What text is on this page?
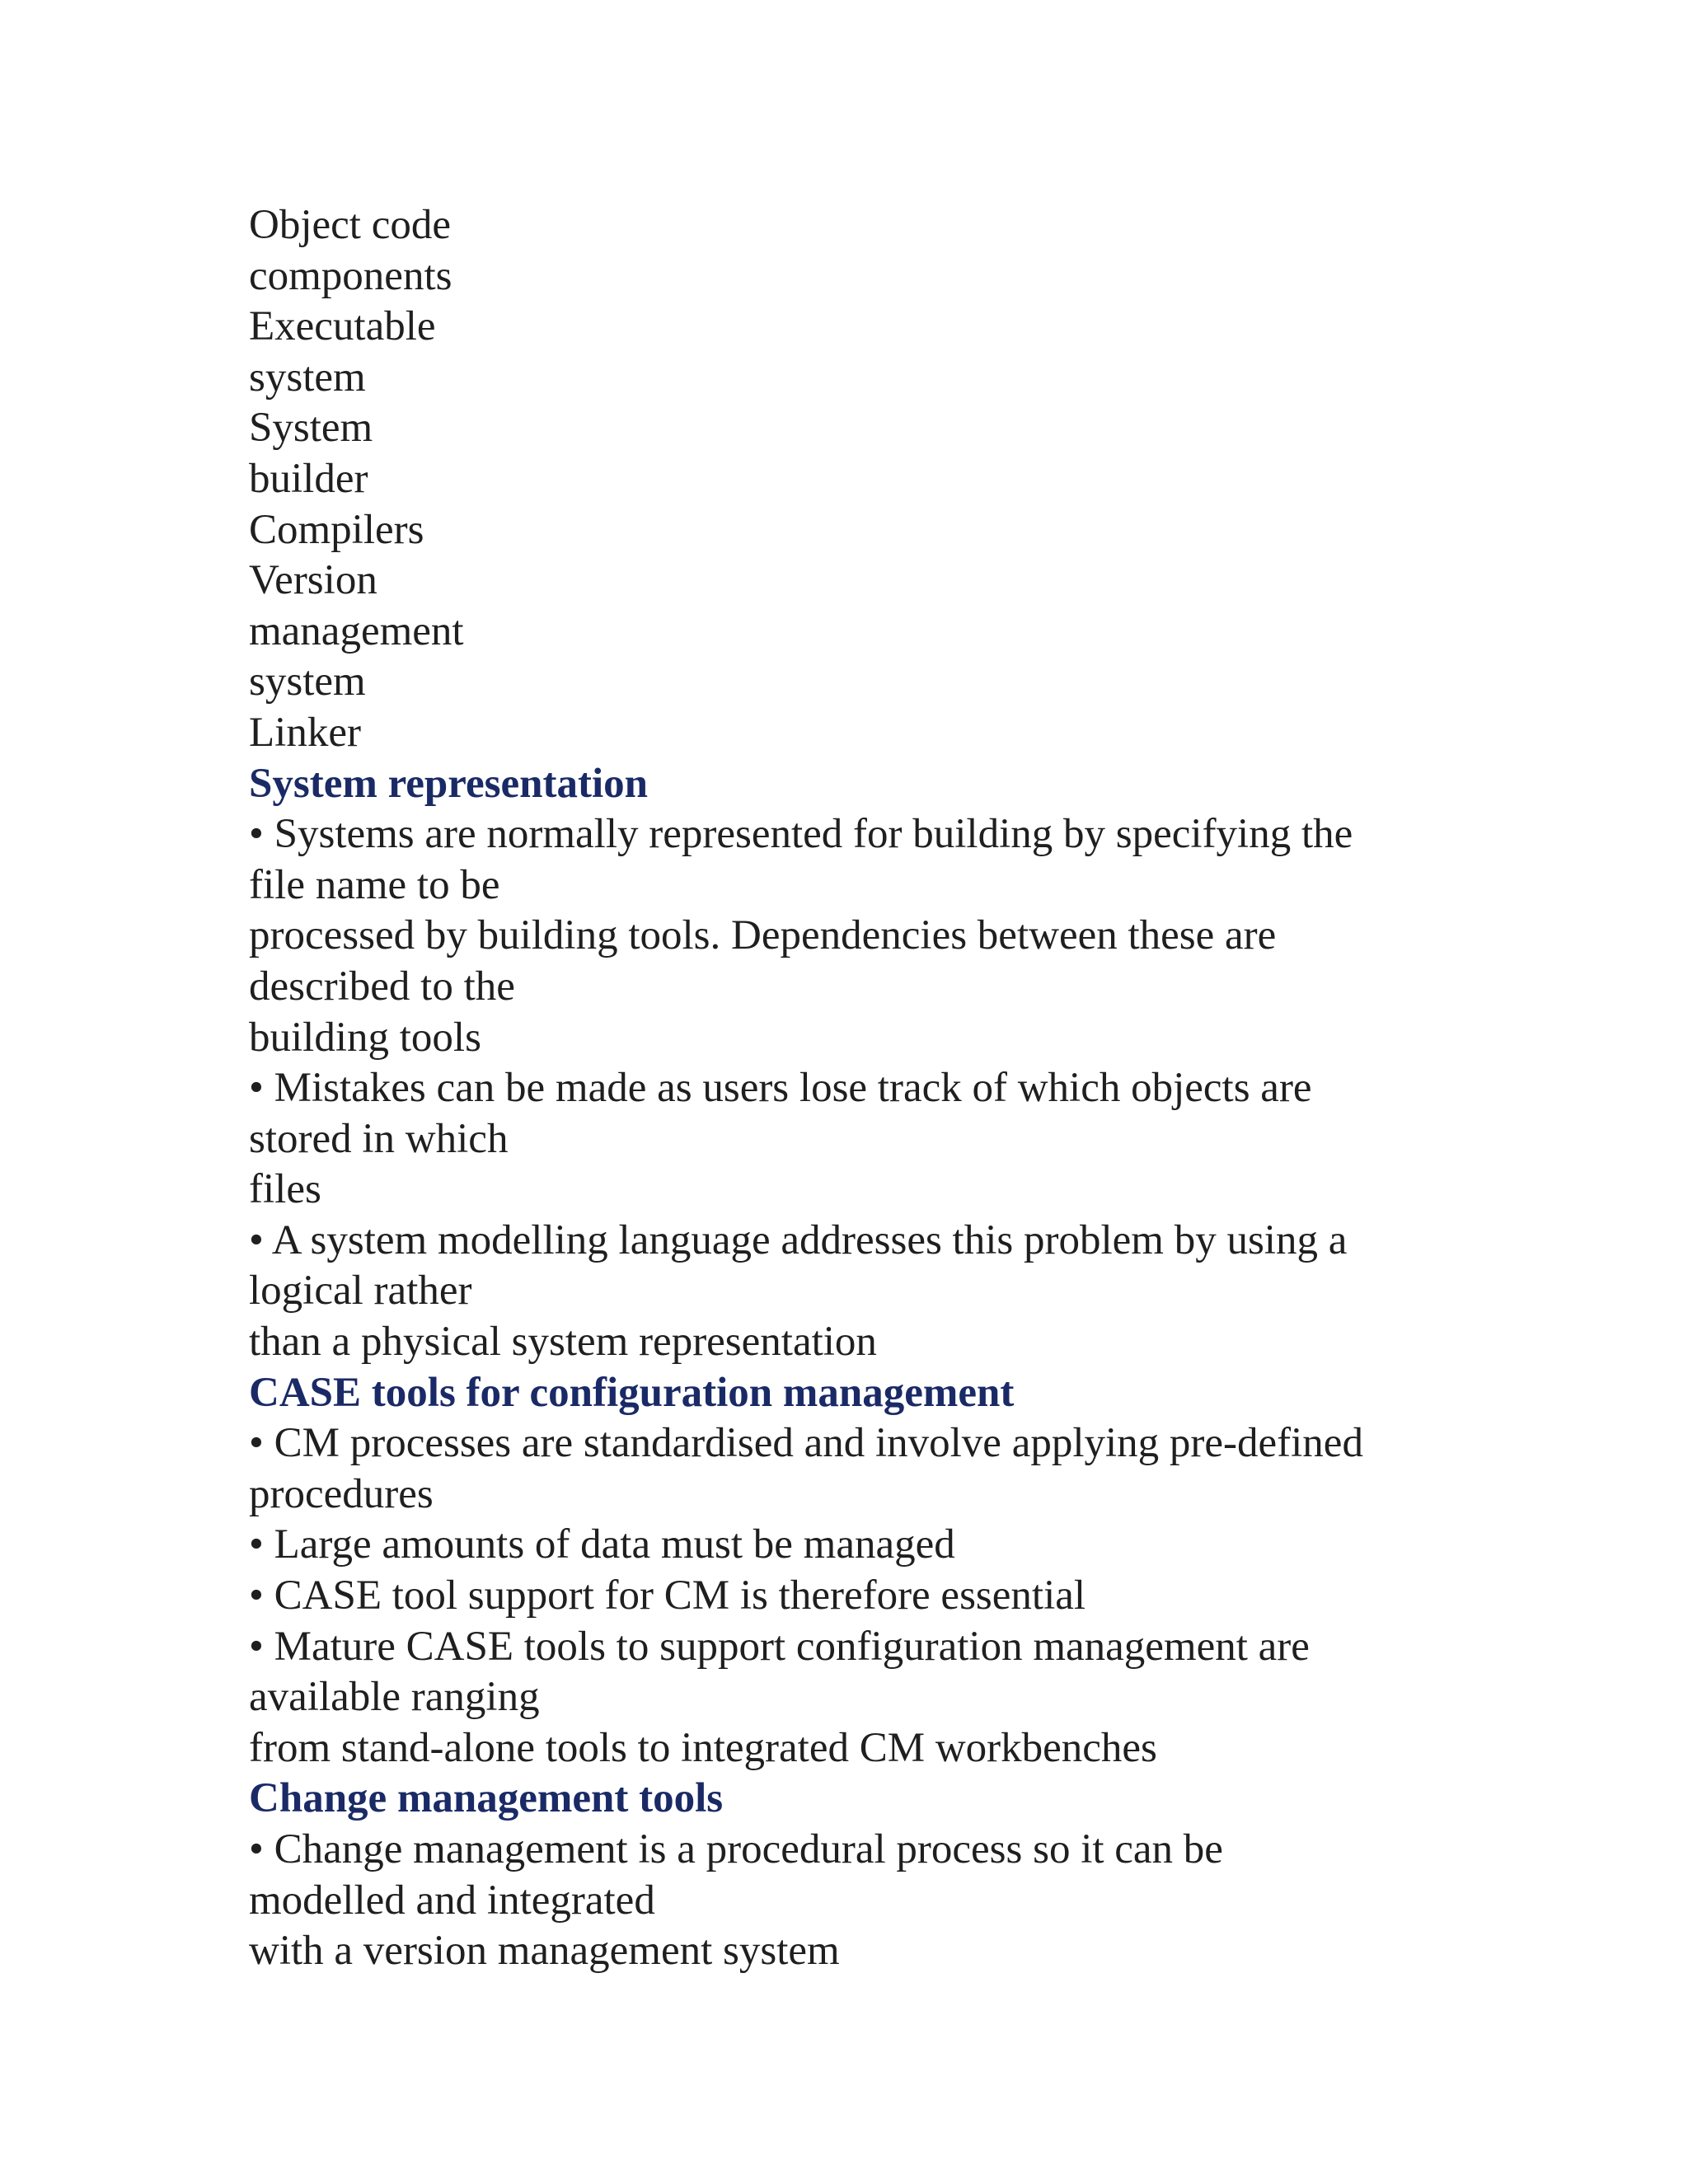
Object code
components
Executable
system
System
builder
Compilers
Version
management
system
Linker
System representation
• Systems are normally represented for building by specifying the
file name to be
processed by building tools. Dependencies between these are
described to the
building tools
• Mistakes can be made as users lose track of which objects are
stored in which
files
• A system modelling language addresses this problem by using a
logical rather
than a physical system representation
CASE tools for configuration management
• CM processes are standardised and involve applying pre-defined
procedures
• Large amounts of data must be managed
• CASE tool support for CM is therefore essential
• Mature CASE tools to support configuration management are
available ranging
from stand-alone tools to integrated CM workbenches
Change management tools
• Change management is a procedural process so it can be
modelled and integrated
with a version management system
